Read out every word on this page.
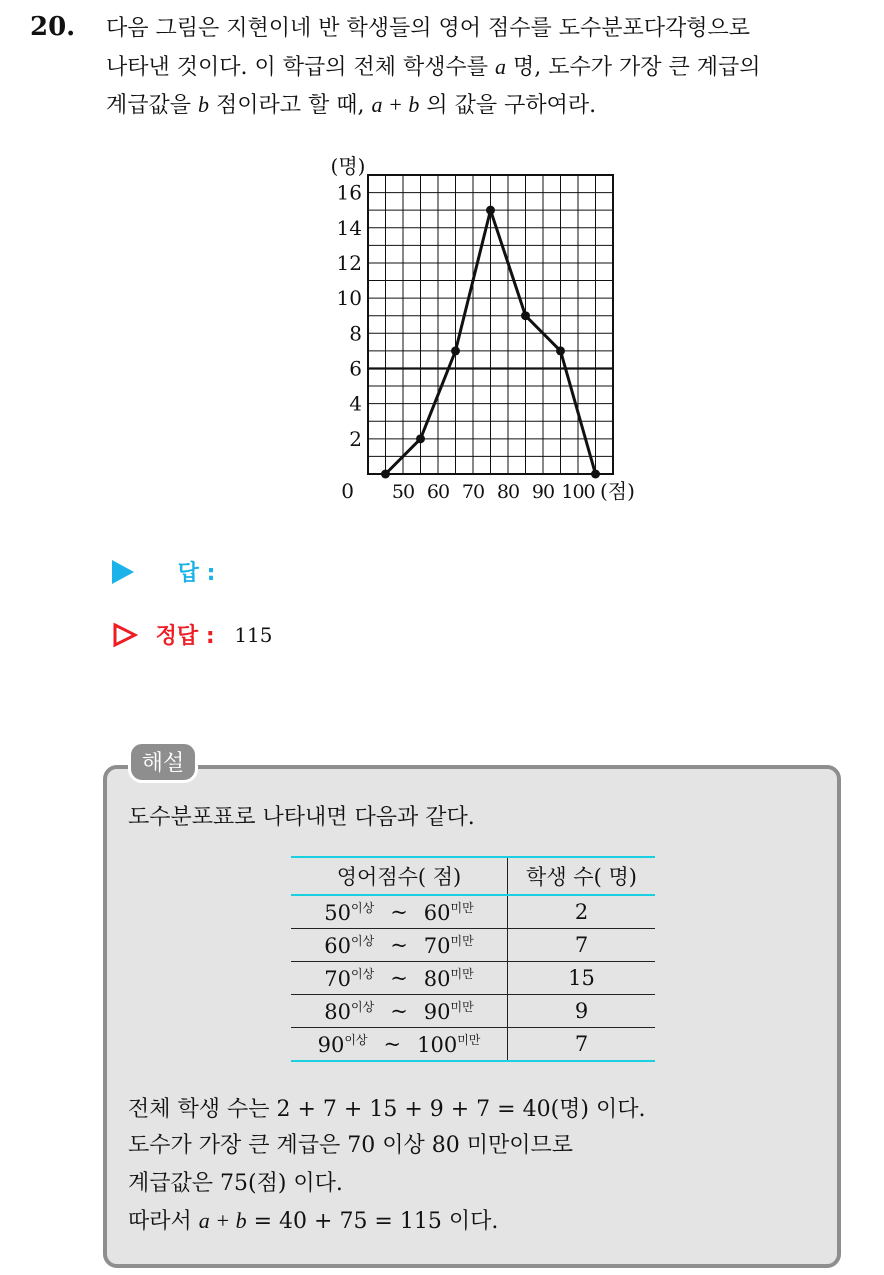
20. 다음 그림은 지현이네 반 학생들의 영어 점수를 도수분포다각형으로
나타낸 것이다. 이 학급의 전체 학생수를 a 명, 도수가 가장 큰 계급의
계급값을 b 점이라고 할 때, a + b 의 값을 구하여라.
2
4
6
8
10
12
14
16
(명)
0 50 60 70 80 90 100 (점)
답 :
정답 : 115
해설
도수분포표로 나타내면 다음과 같다.
영어점수( 점)	학생 수( 명)

$50^{이상}$ ~ $60^{미만}$	2

$60^{이상}$ ~ $70^{미만}$	7

$70^{이상}$ ~ $80^{미만}$	15

$80^{이상}$ ~ $90^{미만}$	9

$90^{이상}$ ~ $100^{미만}$	7
전체 학생 수는 2 + 7 + 15 + 9 + 7 = 40(명) 이다.
도수가 가장 큰 계급은 70 이상 80 미만이므로
계급값은 75(점) 이다.
따라서 a + b = 40 + 75 = 115 이다.
